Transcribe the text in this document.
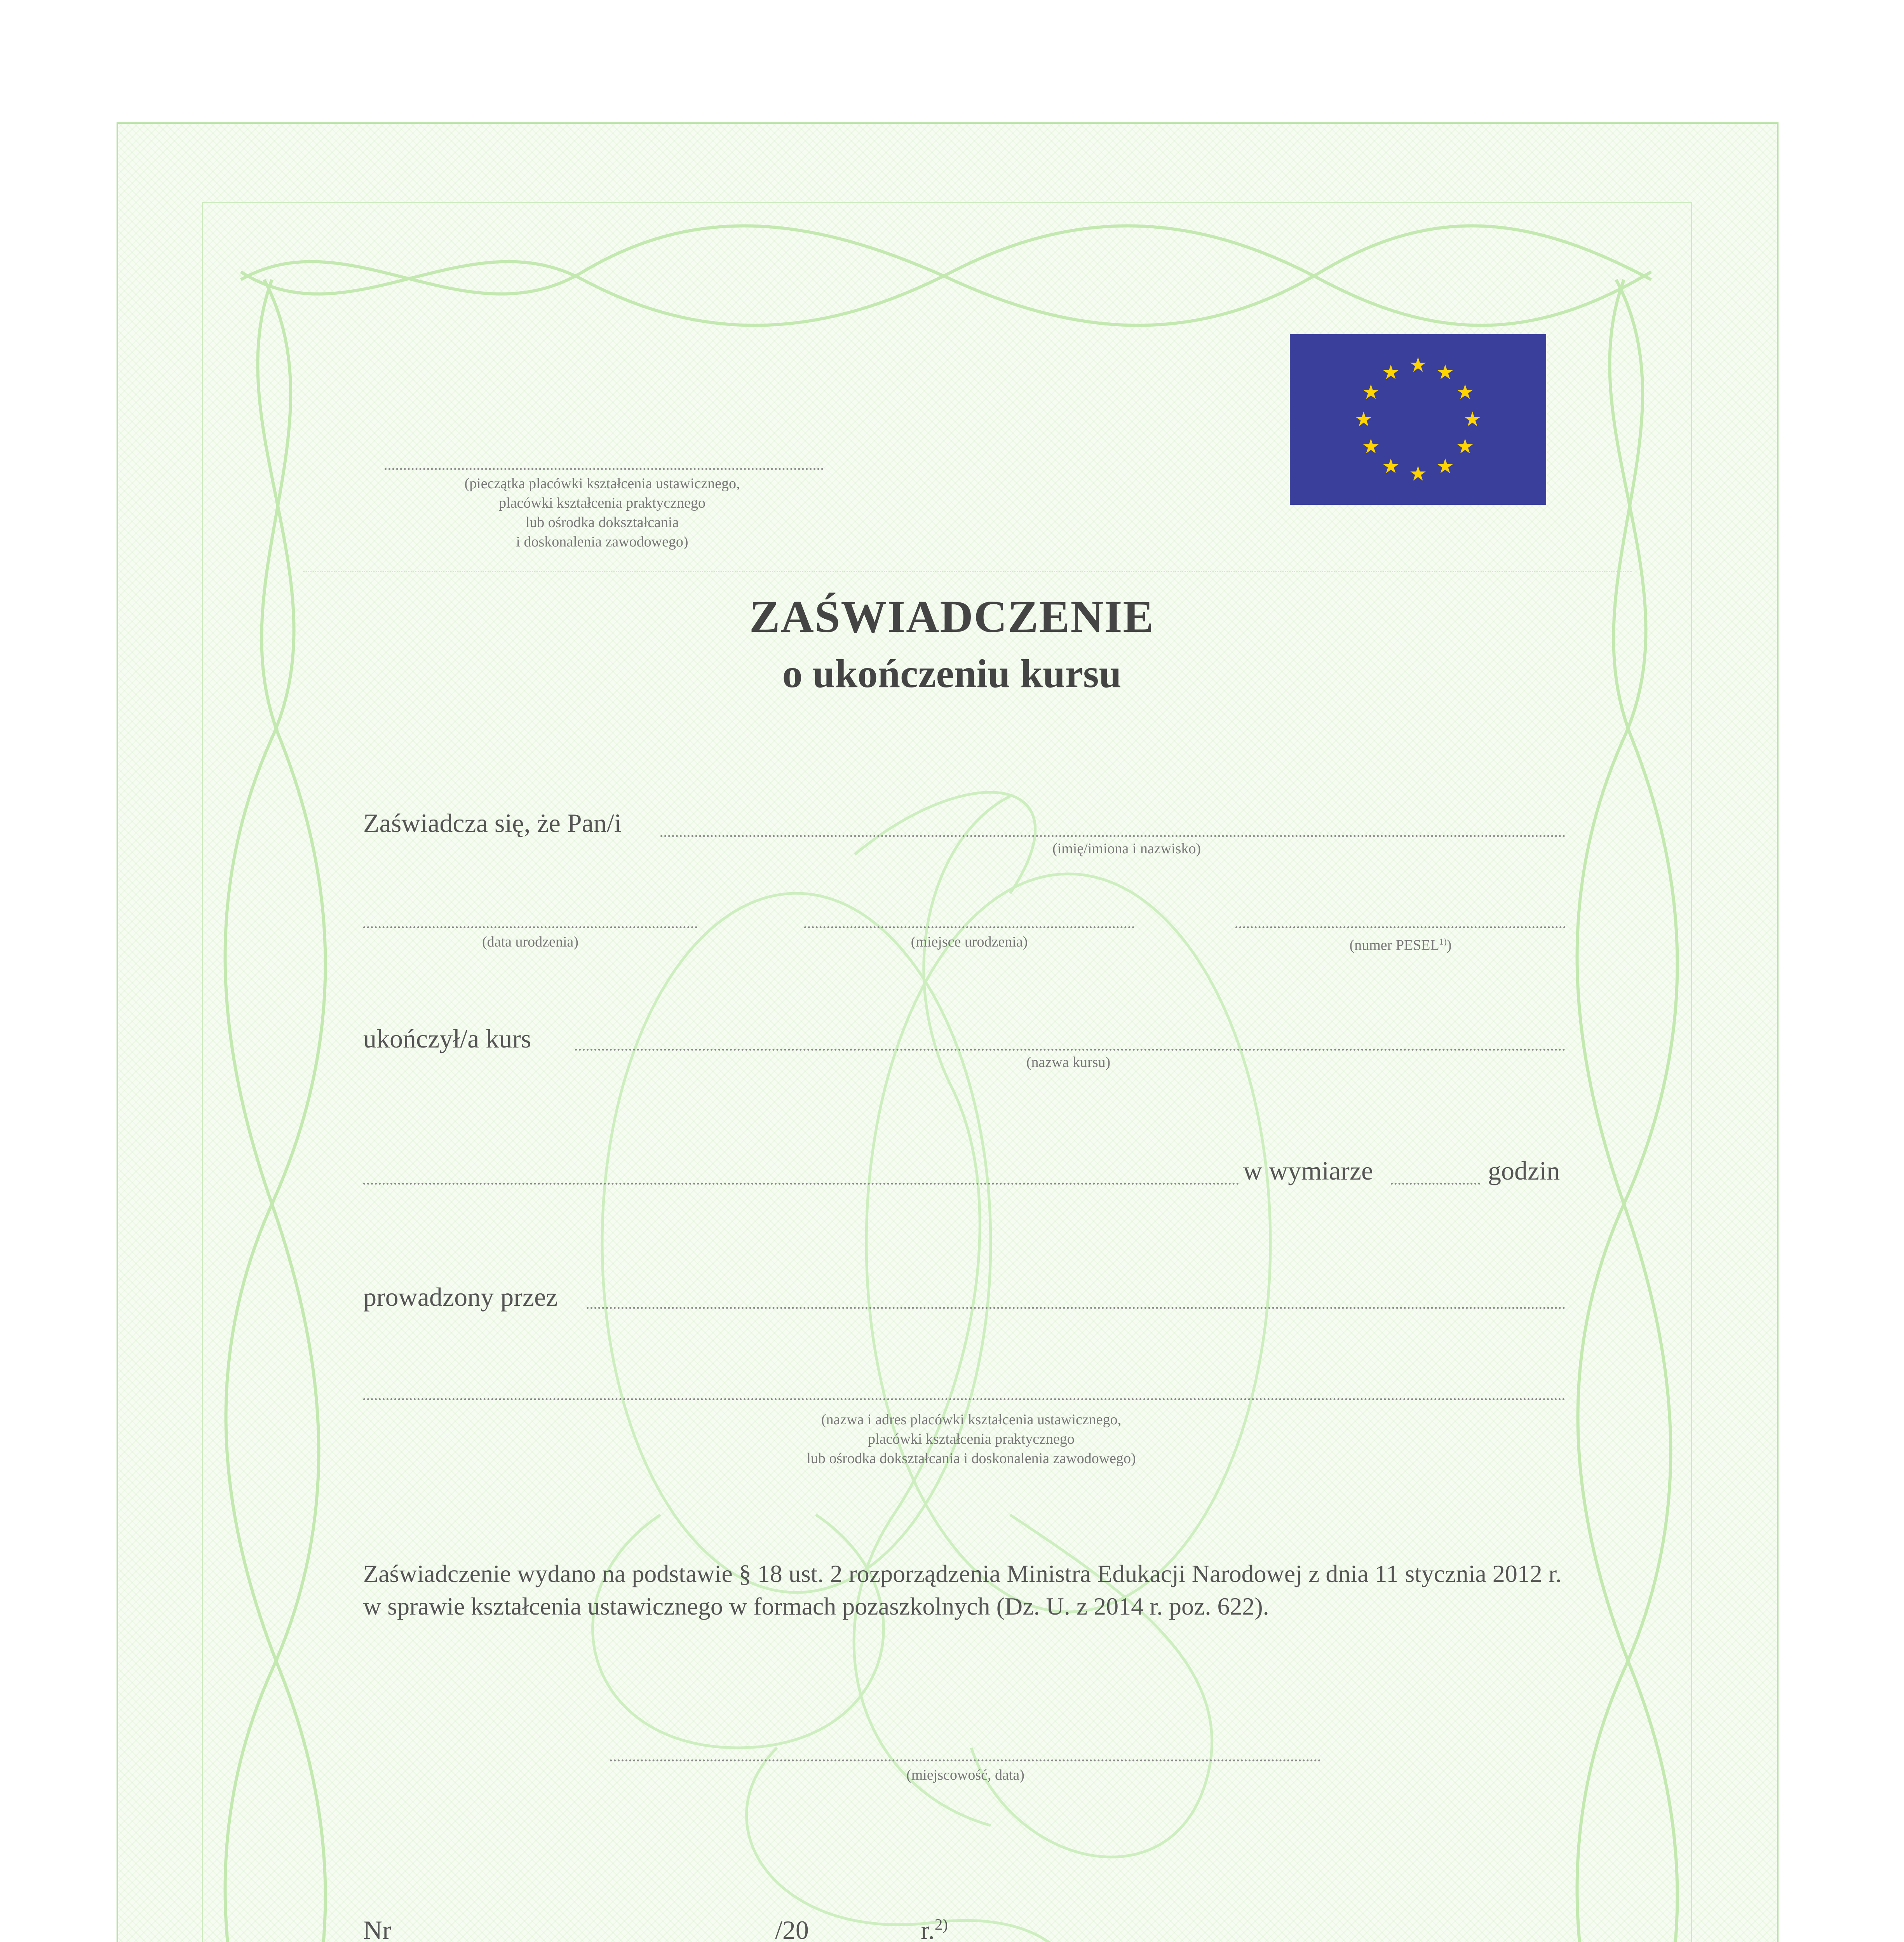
(pieczątka placówki kształcenia ustawicznego,
placówki kształcenia praktycznego
lub ośrodka dokształcania
i doskonalenia zawodowego)
★ ★
★
★
★
★
★
★
★
★
★
★
ZAŚWIADCZENIE
o ukończeniu kursu
Zaświadcza się, że Pan/i
(imię/imiona i nazwisko)
(data urodzenia)	(miejsce urodzenia)	(numer PESEL$^{1)}$)
ukończył/a kurs
(nazwa kursu)
w wymiarze	godzin
prowadzony przez
(nazwa i adres placówki kształcenia ustawicznego,
placówki kształcenia praktycznego
lub ośrodka dokształcania i doskonalenia zawodowego)
Zaświadczenie wydano na podstawie § 18 ust. 2 rozporządzenia Ministra Edukacji Narodowej z dnia 11 stycznia 2012 r.
w sprawie kształcenia ustawicznego w formach pozaszkolnych (Dz. U. z 2014 r. poz. 622).
(miejscowość, data)
Nr	/20	r.$^{2)}$
